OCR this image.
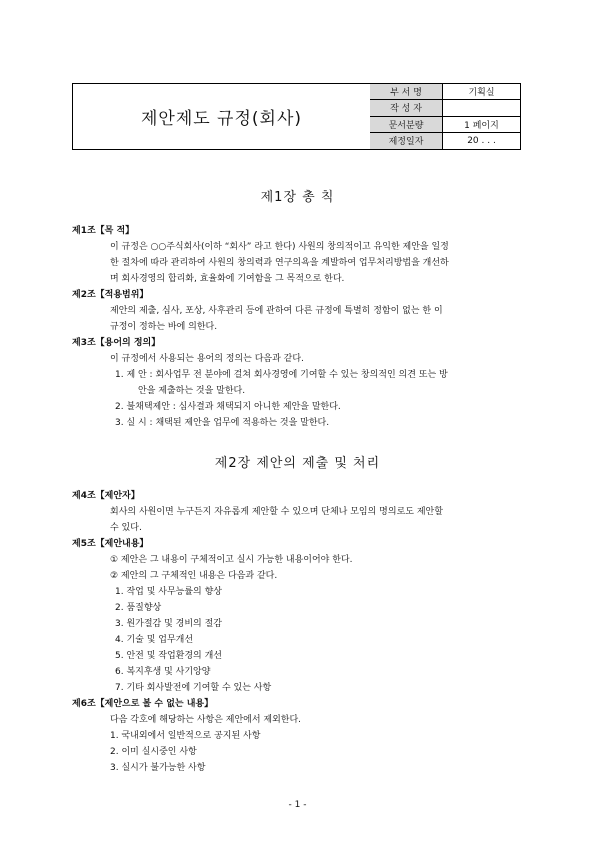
제안제도 규정(회사)
부 서 명	기획실
작 성 자
문서분량	1 페이지
제정일자	20 . . .
제1장 총 칙
제1조【목 적】
이 규정은 ○○주식회사(이하 “회사” 라고 한다) 사원의 창의적이고 유익한 제안을 일정
한 절차에 따라 관리하여 사원의 창의력과 연구의욕을 계발하여 업무처리방법을 개선하
며 회사경영의 합리화, 효율화에 기여함을 그 목적으로 한다.
제2조【적용범위】
제안의 제출, 심사, 포상, 사후관리 등에 관하여 다른 규정에 특별히 정함이 없는 한 이
규정이 정하는 바에 의한다.
제3조【용어의 정의】
이 규정에서 사용되는 용어의 정의는 다음과 같다.
1. 제 안 : 회사업무 전 분야에 걸쳐 회사경영에 기여할 수 있는 창의적인 의견 또는 방
안을 제출하는 것을 말한다.
2. 불채택제안 : 심사결과 채택되지 아니한 제안을 말한다.
3. 실 시 : 채택된 제안을 업무에 적용하는 것을 말한다.
제2장 제안의 제출 및 처리
제4조【제안자】
회사의 사원이면 누구든지 자유롭게 제안할 수 있으며 단체나 모임의 명의로도 제안할
수 있다.
제5조【제안내용】
① 제안은 그 내용이 구체적이고 실시 가능한 내용이어야 한다.
② 제안의 그 구체적인 내용은 다음과 같다.
1. 작업 및 사무능률의 향상
2. 품질향상
3. 원가절감 및 경비의 절감
4. 기술 및 업무개선
5. 안전 및 작업환경의 개선
6. 복지후생 및 사기앙양
7. 기타 회사발전에 기여할 수 있는 사항
제6조【제안으로 볼 수 없는 내용】
다음 각호에 해당하는 사항은 제안에서 제외한다.
1. 국내외에서 일반적으로 공지된 사항
2. 이미 실시중인 사항
3. 실시가 불가능한 사항
- 1 -
